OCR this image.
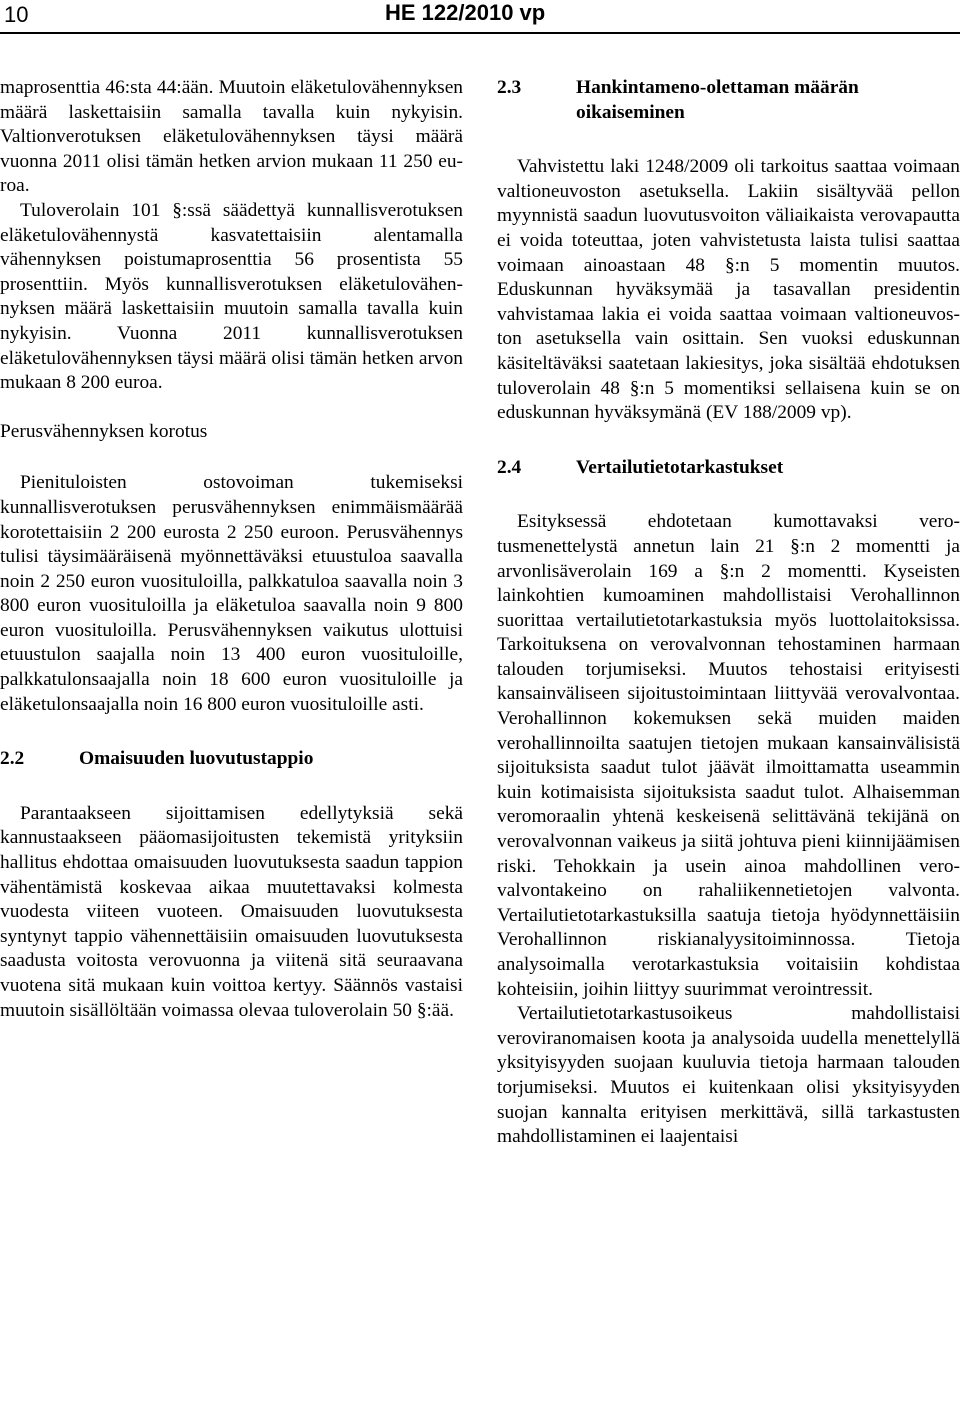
10	HE 122/2010 vp

maprosenttia 46:sta 44:ään. Muutoin eläketulovähennyksen määrä laskettaisiin samalla tavalla kuin nykyisin. Valtionverotuksen eläketulovähennyksen täysi määrä vuonna 2011 olisi tämän hetken arvion mukaan 11 250 euroa.

Tuloverolain 101 §:ssä säädettyä kunnallisverotuksen eläketulovähennystä kasvatettaisiin alentamalla vähennyksen poistumaprosenttia 56 prosentista 55 prosenttiin. Myös kunnallisverotuksen eläketulovähennyksen määrä laskettaisiin muutoin samalla tavalla kuin nykyisin. Vuonna 2011 kunnallisverotuksen eläketulovähennyksen täysi määrä olisi tämän hetken arvon mukaan 8 200 euroa.

Perusvähennyksen korotus

Pienituloisten ostovoiman tukemiseksi kunnallisverotuksen perusvähennyksen enimmäismäärää korotettaisiin 2 200 eurosta 2 250 euroon. Perusvähennys tulisi täysimääräisenä myönnettäväksi etuustuloa saavalla noin 2 250 euron vuosituloilla, palkkatuloa saavalla noin 3 800 euron vuosituloilla ja eläketuloa saavalla noin 9 800 euron vuosituloilla. Perusvähennyksen vaikutus ulottuisi etuustulon saajalla noin 13 400 euron vuosituloille, palkkatulonsaajalla noin 18 600 euron vuosituloille ja eläketulonsaajalla noin 16 800 euron vuosituloille asti.

2.2	Omaisuuden luovutustappio

Parantaakseen sijoittamisen edellytyksiä sekä kannustaakseen pääomasijoitusten tekemistä yrityksiin hallitus ehdottaa omaisuuden luovutuksesta saadun tappion vähentämistä koskevaa aikaa muutettavaksi kolmesta vuodesta viiteen vuoteen. Omaisuuden luovutuksesta syntynyt tappio vähennettäisiin omaisuuden luovutuksesta saadusta voitosta verovuonna ja viitenä sitä seuraavana vuotena sitä mukaan kuin voittoa kertyy. Säännös vastaisi muutoin sisällöltään voimassa olevaa tuloverolain 50 §:ää.

2.3	Hankintameno-olettaman määrän oikaiseminen

Vahvistettu laki 1248/2009 oli tarkoitus saattaa voimaan valtioneuvoston asetuksella. Lakiin sisältyvää pellon myynnistä saadun luovutusvoiton väliaikaista verovapautta ei voida toteuttaa, joten vahvistetusta laista tulisi saattaa voimaan ainoastaan 48 §:n 5 momentin muutos. Eduskunnan hyväksymää ja tasavallan presidentin vahvistamaa lakia ei voida saattaa voimaan valtioneuvoston asetuksella vain osittain. Sen vuoksi eduskunnan käsiteltäväksi saatetaan lakiesitys, joka sisältää ehdotuksen tuloverolain 48 §:n 5 momentiksi sellaisena kuin se on eduskunnan hyväksymänä (EV 188/2009 vp).

2.4	Vertailutietotarkastukset

Esityksessä ehdotetaan kumottavaksi verotusmenettelystä annetun lain 21 §:n 2 momentti ja arvonlisäverolain 169 a §:n 2 momentti. Kyseisten lainkohtien kumoaminen mahdollistaisi Verohallinnon suorittaa vertailutietotarkastuksia myös luottolaitoksissa. Tarkoituksena on verovalvonnan tehostaminen harmaan talouden torjumiseksi. Muutos tehostaisi erityisesti kansainväliseen sijoitustoimintaan liittyvää verovalvontaa. Verohallinnon kokemuksen sekä muiden maiden verohallinnoilta saatujen tietojen mukaan kansainvälisistä sijoituksista saadut tulot jäävät ilmoittamatta useammin kuin kotimaisista sijoituksista saadut tulot. Alhaisemman veromoraalin yhtenä keskeisenä selittävänä tekijänä on verovalvonnan vaikeus ja siitä johtuva pieni kiinnijäämisen riski. Tehokkain ja usein ainoa mahdollinen verovalvontakeino on rahaliikennetietojen valvonta. Vertailutietotarkastuksilla saatuja tietoja hyödynnettäisiin Verohallinnon riskianalyysitoiminnossa. Tietoja analysoimalla verotarkastuksia voitaisiin kohdistaa kohteisiin, joihin liittyy suurimmat verointressit.

Vertailutietotarkastusoikeus mahdollistaisi veroviranomaisen koota ja analysoida uudella menettelyllä yksityisyyden suojaan kuuluvia tietoja harmaan talouden torjumiseksi. Muutos ei kuitenkaan olisi yksityisyyden suojan kannalta erityisen merkittävä, sillä tarkastusten mahdollistaminen ei laajentaisi
